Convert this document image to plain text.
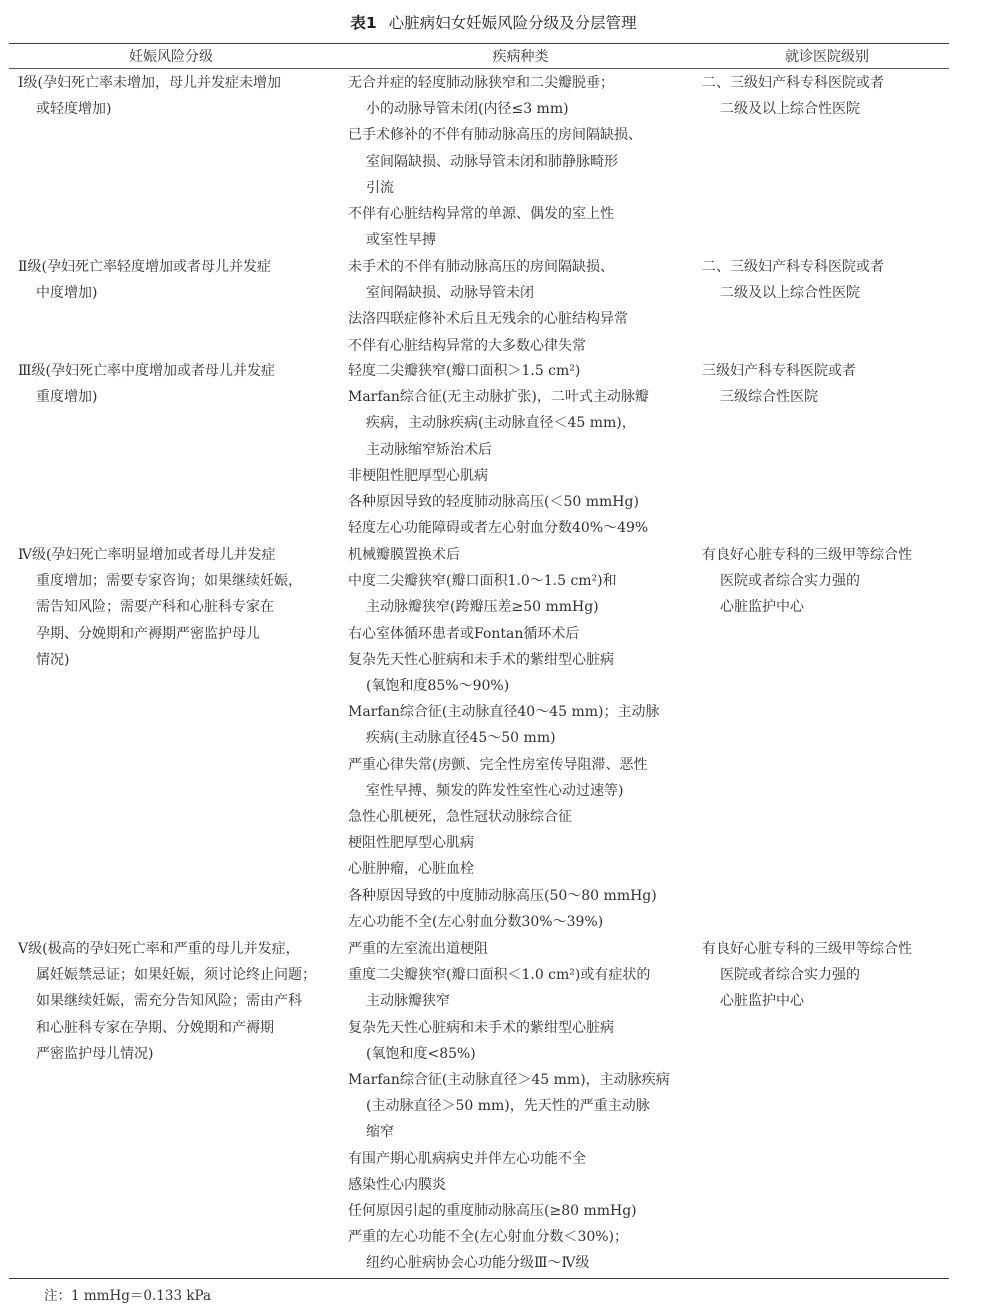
表1 心脏病妇女妊娠风险分级及分层管理
妊娠风险分级	疾病种类	就诊医院级别
Ⅰ级(孕妇死亡率未增加，母儿并发症未增加
或轻度增加)
无合并症的轻度肺动脉狭窄和二尖瓣脱垂；
小的动脉导管未闭(内径≤3 mm)
已手术修补的不伴有肺动脉高压的房间隔缺损、
室间隔缺损、动脉导管未闭和肺静脉畸形
引流
不伴有心脏结构异常的单源、偶发的室上性
或室性早搏
二、三级妇产科专科医院或者
二级及以上综合性医院
Ⅱ级(孕妇死亡率轻度增加或者母儿并发症
中度增加)
未手术的不伴有肺动脉高压的房间隔缺损、
室间隔缺损、动脉导管未闭
法洛四联症修补术后且无残余的心脏结构异常
不伴有心脏结构异常的大多数心律失常
二、三级妇产科专科医院或者
二级及以上综合性医院
Ⅲ级(孕妇死亡率中度增加或者母儿并发症
重度增加)
轻度二尖瓣狭窄(瓣口面积＞1.5 cm²)
Marfan综合征(无主动脉扩张)，二叶式主动脉瓣
疾病，主动脉疾病(主动脉直径＜45 mm)，
主动脉缩窄矫治术后
非梗阻性肥厚型心肌病
各种原因导致的轻度肺动脉高压(＜50 mmHg)
轻度左心功能障碍或者左心射血分数40%～49%
三级妇产科专科医院或者
三级综合性医院
Ⅳ级(孕妇死亡率明显增加或者母儿并发症
重度增加；需要专家咨询；如果继续妊娠，
需告知风险；需要产科和心脏科专家在
孕期、分娩期和产褥期严密监护母儿
情况)
机械瓣膜置换术后
中度二尖瓣狭窄(瓣口面积1.0～1.5 cm²)和
主动脉瓣狭窄(跨瓣压差≥50 mmHg)
右心室体循环患者或Fontan循环术后
复杂先天性心脏病和未手术的紫绀型心脏病
(氧饱和度85%～90%)
Marfan综合征(主动脉直径40～45 mm)；主动脉
疾病(主动脉直径45～50 mm)
严重心律失常(房颤、完全性房室传导阻滞、恶性
室性早搏、频发的阵发性室性心动过速等)
急性心肌梗死，急性冠状动脉综合征
梗阻性肥厚型心肌病
心脏肿瘤，心脏血栓
各种原因导致的中度肺动脉高压(50～80 mmHg)
左心功能不全(左心射血分数30%～39%)
有良好心脏专科的三级甲等综合性
医院或者综合实力强的
心脏监护中心
Ⅴ级(极高的孕妇死亡率和严重的母儿并发症，
属妊娠禁忌证；如果妊娠，须讨论终止问题；
如果继续妊娠，需充分告知风险；需由产科
和心脏科专家在孕期、分娩期和产褥期
严密监护母儿情况)
严重的左室流出道梗阻
重度二尖瓣狭窄(瓣口面积＜1.0 cm²)或有症状的
主动脉瓣狭窄
复杂先天性心脏病和未手术的紫绀型心脏病
(氧饱和度<85%)
Marfan综合征(主动脉直径＞45 mm)，主动脉疾病
(主动脉直径＞50 mm)，先天性的严重主动脉
缩窄
有围产期心肌病病史并伴左心功能不全
感染性心内膜炎
任何原因引起的重度肺动脉高压(≥80 mmHg)
严重的左心功能不全(左心射血分数＜30%)；
纽约心脏病协会心功能分级Ⅲ～Ⅳ级
有良好心脏专科的三级甲等综合性
医院或者综合实力强的
心脏监护中心
注：1 mmHg＝0.133 kPa
